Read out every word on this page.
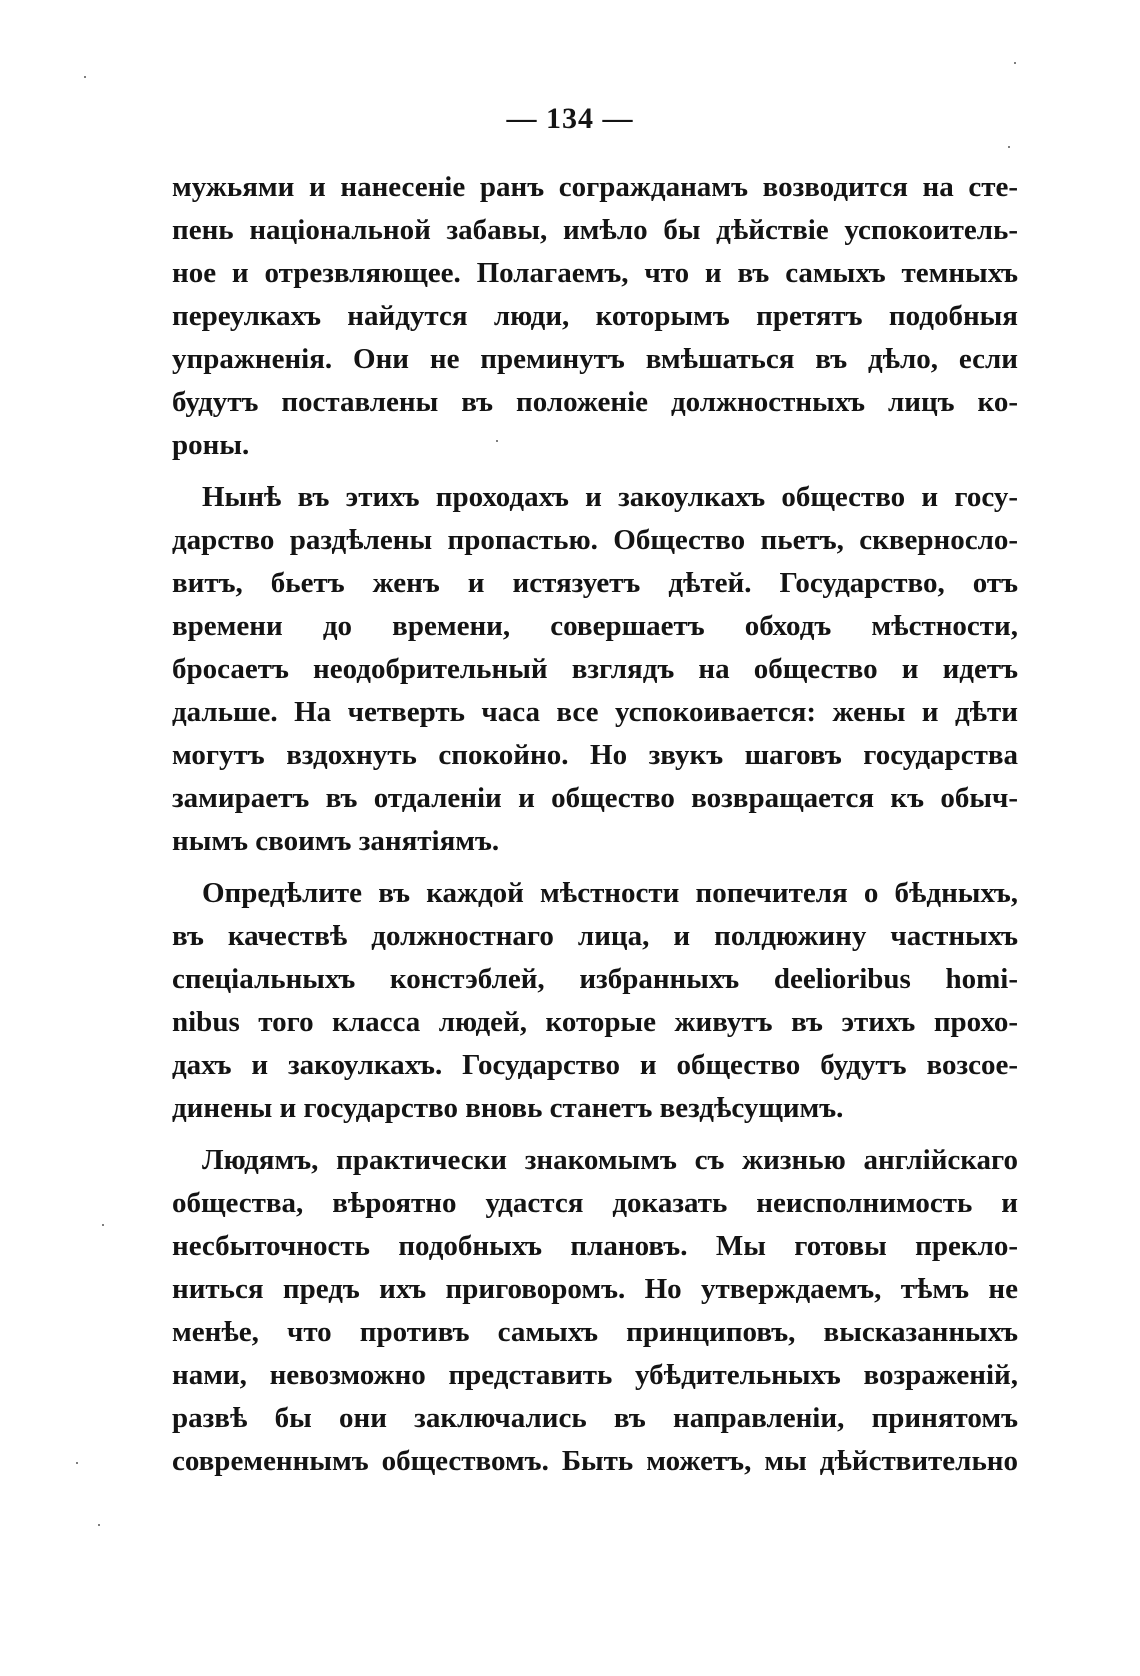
— 134 —

мужьями и нанесеніе ранъ согражданамъ возводится на сте-
пень національной забавы, имѣло бы дѣйствіе успокоитель-
ное и отрезвляющее. Полагаемъ, что и въ самыхъ темныхъ
переулкахъ найдутся люди, которымъ претятъ подобныя
упражненія. Они не преминутъ вмѣшаться въ дѣло, если
будутъ поставлены въ положеніе должностныхъ лицъ ко-
роны.

Нынѣ въ этихъ проходахъ и закоулкахъ общество и госу-
дарство раздѣлены пропастью. Общество пьетъ, скверносло-
витъ, бьетъ женъ и истязуетъ дѣтей. Государство, отъ
времени до времени, совершаетъ обходъ мѣстности,
бросаетъ неодобрительный взглядъ на общество и идетъ
дальше. На четверть часа все успокоивается: жены и дѣти
могутъ вздохнуть спокойно. Но звукъ шаговъ государства
замираетъ въ отдаленіи и общество возвращается къ обыч-
нымъ своимъ занятіямъ.

Опредѣлите въ каждой мѣстности попечителя о бѣдныхъ,
въ качествѣ должностнаго лица, и полдюжину частныхъ
спеціальныхъ констэблей, избранныхъ deelioribus homi-
nibus того класса людей, которые живутъ въ этихъ прохо-
дахъ и закоулкахъ. Государство и общество будутъ возсое-
динены и государство вновь станетъ вездѣсущимъ.

Людямъ, практически знакомымъ съ жизнью англійскаго
общества, вѣроятно удастся доказать неисполнимость и
несбыточность подобныхъ плановъ. Мы готовы прекло-
ниться предъ ихъ приговоромъ. Но утверждаемъ, тѣмъ не
менѣе, что противъ самыхъ принциповъ, высказанныхъ
нами, невозможно представить убѣдительныхъ возраженій,
развѣ бы они заключались въ направленіи, принятомъ
современнымъ обществомъ. Быть можетъ, мы дѣйствительно
